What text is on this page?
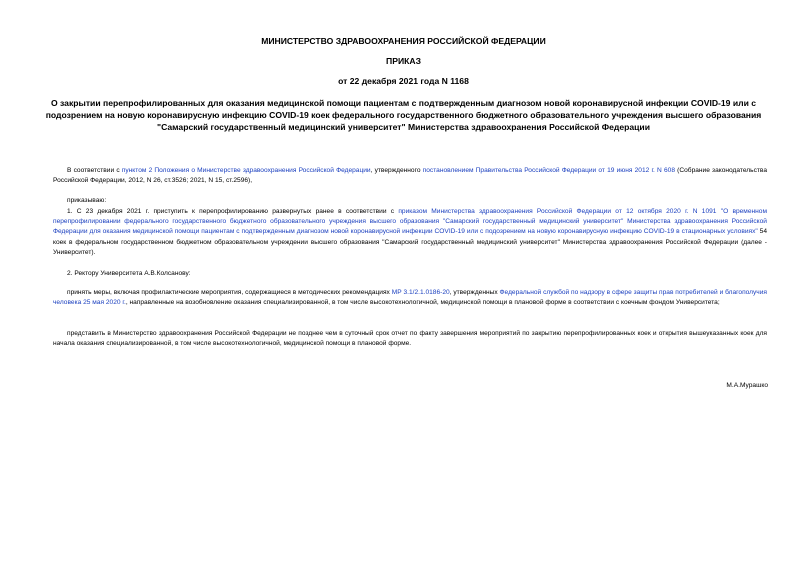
МИНИСТЕРСТВО ЗДРАВООХРАНЕНИЯ РОССИЙСКОЙ ФЕДЕРАЦИИ
ПРИКАЗ
от 22 декабря 2021 года N 1168
О закрытии перепрофилированных для оказания медицинской помощи пациентам с подтвержденным диагнозом новой коронавирусной инфекции COVID-19 или с подозрением на новую коронавирусную инфекцию COVID-19 коек федерального государственного бюджетного образовательного учреждения высшего образования "Самарский государственный медицинский университет" Министерства здравоохранения Российской Федерации
В соответствии с пунктом 2 Положения о Министерстве здравоохранения Российской Федерации, утвержденного постановлением Правительства Российской Федерации от 19 июня 2012 г. N 608 (Собрание законодательства Российской Федерации, 2012, N 26, ст.3526; 2021, N 15, ст.2596),
приказываю:
1. С 23 декабря 2021 г. приступить к перепрофилированию развернутых ранее в соответствии с приказом Министерства здравоохранения Российской Федерации от 12 октября 2020 г. N 1091 "О временном перепрофилировании федерального государственного бюджетного образовательного учреждения высшего образования "Самарский государственный медицинский университет" Министерства здравоохранения Российской Федерации для оказания медицинской помощи пациентам с подтвержденным диагнозом новой коронавирусной инфекции COVID-19 или с подозрением на новую коронавирусную инфекцию COVID-19 в стационарных условиях" 54 коек в федеральном государственном бюджетном образовательном учреждении высшего образования "Самарский государственный медицинский университет" Министерства здравоохранения Российской Федерации (далее - Университет).
2. Ректору Университета А.В.Колсанову:
принять меры, включая профилактические мероприятия, содержащиеся в методических рекомендациях МР 3.1/2.1.0186-20, утвержденных Федеральной службой по надзору в сфере защиты прав потребителей и благополучия человека 25 мая 2020 г., направленные на возобновление оказания специализированной, в том числе высокотехнологичной, медицинской помощи в плановой форме в соответствии с коечным фондом Университета;
представить в Министерство здравоохранения Российской Федерации не позднее чем в суточный срок отчет по факту завершения мероприятий по закрытию перепрофилированных коек и открытия вышеуказанных коек для начала оказания специализированной, в том числе высокотехнологичной, медицинской помощи в плановой форме.
М.А.Мурашко
